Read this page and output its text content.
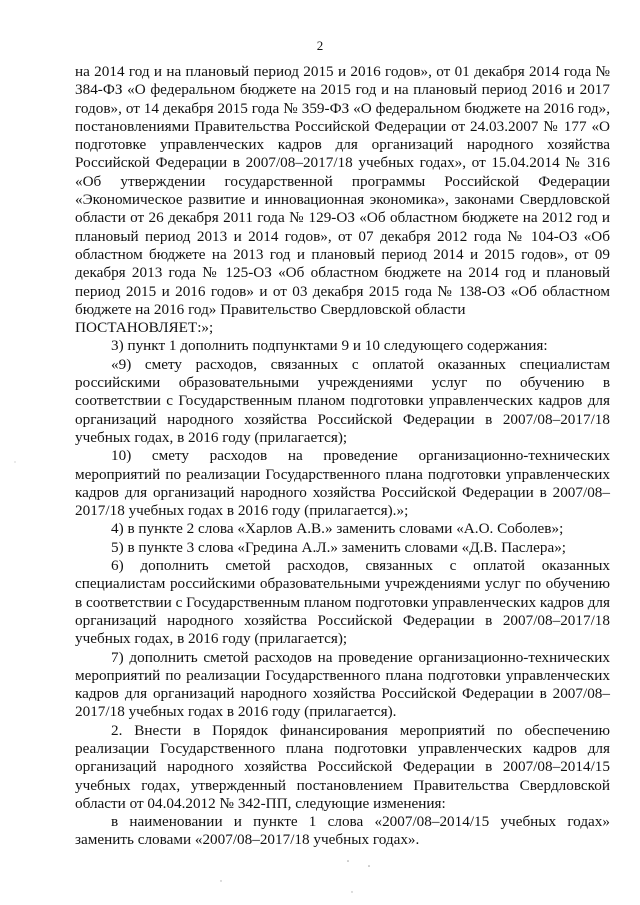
2

на 2014 год и на плановый период 2015 и 2016 годов», от 01 декабря 2014 года № 384-ФЗ «О федеральном бюджете на 2015 год и на плановый период 2016 и 2017 годов», от 14 декабря 2015 года № 359-ФЗ «О федеральном бюджете на 2016 год», постановлениями Правительства Российской Федерации от 24.03.2007 № 177 «О подготовке управленческих кадров для организаций народного хозяйства Российской Федерации в 2007/08–2017/18 учебных годах», от 15.04.2014 № 316 «Об утверждении государственной программы Российской Федерации «Экономическое развитие и инновационная экономика», законами Свердловской области от 26 декабря 2011 года № 129-ОЗ «Об областном бюджете на 2012 год и плановый период 2013 и 2014 годов», от 07 декабря 2012 года № 104-ОЗ «Об областном бюджете на 2013 год и плановый период 2014 и 2015 годов», от 09 декабря 2013 года № 125-ОЗ «Об областном бюджете на 2014 год и плановый период 2015 и 2016 годов» и от 03 декабря 2015 года № 138-ОЗ «Об областном бюджете на 2016 год» Правительство Свердловской области

ПОСТАНОВЛЯЕТ:»;

3) пункт 1 дополнить подпунктами 9 и 10 следующего содержания:

«9) смету расходов, связанных с оплатой оказанных специалистам российскими образовательными учреждениями услуг по обучению в соответствии с Государственным планом подготовки управленческих кадров для организаций народного хозяйства Российской Федерации в 2007/08–2017/18 учебных годах, в 2016 году (прилагается);

10) смету расходов на проведение организационно-технических мероприятий по реализации Государственного плана подготовки управленческих кадров для организаций народного хозяйства Российской Федерации в 2007/08–2017/18 учебных годах в 2016 году (прилагается).»;

4) в пункте 2 слова «Харлов А.В.» заменить словами «А.О. Соболев»;

5) в пункте 3 слова «Гредина А.Л.» заменить словами «Д.В. Паслера»;

6) дополнить сметой расходов, связанных с оплатой оказанных специалистам российскими образовательными учреждениями услуг по обучению в соответствии с Государственным планом подготовки управленческих кадров для организаций народного хозяйства Российской Федерации в 2007/08–2017/18 учебных годах, в 2016 году (прилагается);

7) дополнить сметой расходов на проведение организационно-технических мероприятий по реализации Государственного плана подготовки управленческих кадров для организаций народного хозяйства Российской Федерации в 2007/08–2017/18 учебных годах в 2016 году (прилагается).

2. Внести в Порядок финансирования мероприятий по обеспечению реализации Государственного плана подготовки управленческих кадров для организаций народного хозяйства Российской Федерации в 2007/08–2014/15 учебных годах, утвержденный постановлением Правительства Свердловской области от 04.04.2012 № 342-ПП, следующие изменения:

в наименовании и пункте 1 слова «2007/08–2014/15 учебных годах» заменить словами «2007/08–2017/18 учебных годах».
